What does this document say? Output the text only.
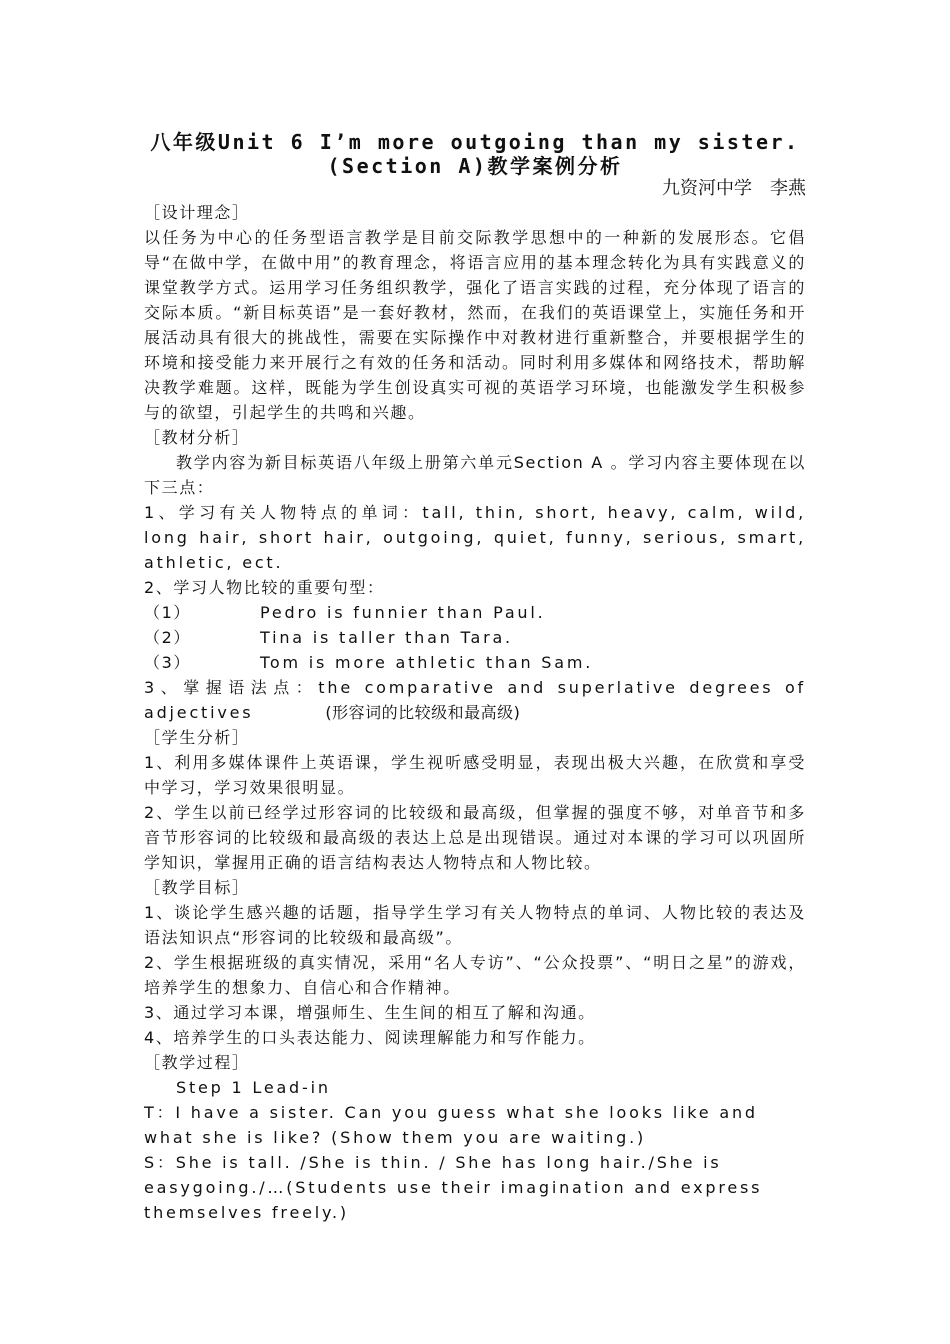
八年级Unit 6 I’m more outgoing than my sister.
(Section A)教学案例分析
九资河中学　李燕

［设计理念］

以任务为中心的任务型语言教学是目前交际教学思想中的一种新的发展形态。它倡导“在做中学，在做中用”的教育理念，将语言应用的基本理念转化为具有实践意义的课堂教学方式。运用学习任务组织教学，强化了语言实践的过程，充分体现了语言的交际本质。“新目标英语”是一套好教材，然而，在我们的英语课堂上，实施任务和开展活动具有很大的挑战性，需要在实际操作中对教材进行重新整合，并要根据学生的环境和接受能力来开展行之有效的任务和活动。同时利用多媒体和网络技术，帮助解决教学难题。这样，既能为学生创设真实可视的英语学习环境，也能激发学生积极参与的欲望，引起学生的共鸣和兴趣。

［教材分析］

教学内容为新目标英语八年级上册第六单元Section A 。学习内容主要体现在以下三点：

1、学习有关人物特点的单词：tall, thin, short, heavy, calm, wild, long hair, short hair, outgoing, quiet, funny, serious, smart, athletic, ect.

2、学习人物比较的重要句型：

（1）	Pedro is funnier than Paul.
（2）	Tina is taller than Tara.
（3）	Tom is more athletic than Sam.

3、掌握语法点：the comparative and superlative degrees of adjectives	(形容词的比较级和最高级)

［学生分析］

1、利用多媒体课件上英语课，学生视听感受明显，表现出极大兴趣，在欣赏和享受中学习，学习效果很明显。

2、学生以前已经学过形容词的比较级和最高级，但掌握的强度不够，对单音节和多音节形容词的比较级和最高级的表达上总是出现错误。通过对本课的学习可以巩固所学知识，掌握用正确的语言结构表达人物特点和人物比较。

［教学目标］

1、谈论学生感兴趣的话题，指导学生学习有关人物特点的单词、人物比较的表达及语法知识点“形容词的比较级和最高级”。

2、学生根据班级的真实情况，采用“名人专访”、“公众投票”、“明日之星”的游戏，培养学生的想象力、自信心和合作精神。

3、通过学习本课，增强师生、生生间的相互了解和沟通。

4、培养学生的口头表达能力、阅读理解能力和写作能力。

［教学过程］

Step 1 Lead-in

T：I have a sister. Can you guess what she looks like and what she is like? (Show them you are waiting.)

S：She is tall. /She is thin. / She has long hair./She is easygoing./…(Students use their imagination and express themselves freely.)
